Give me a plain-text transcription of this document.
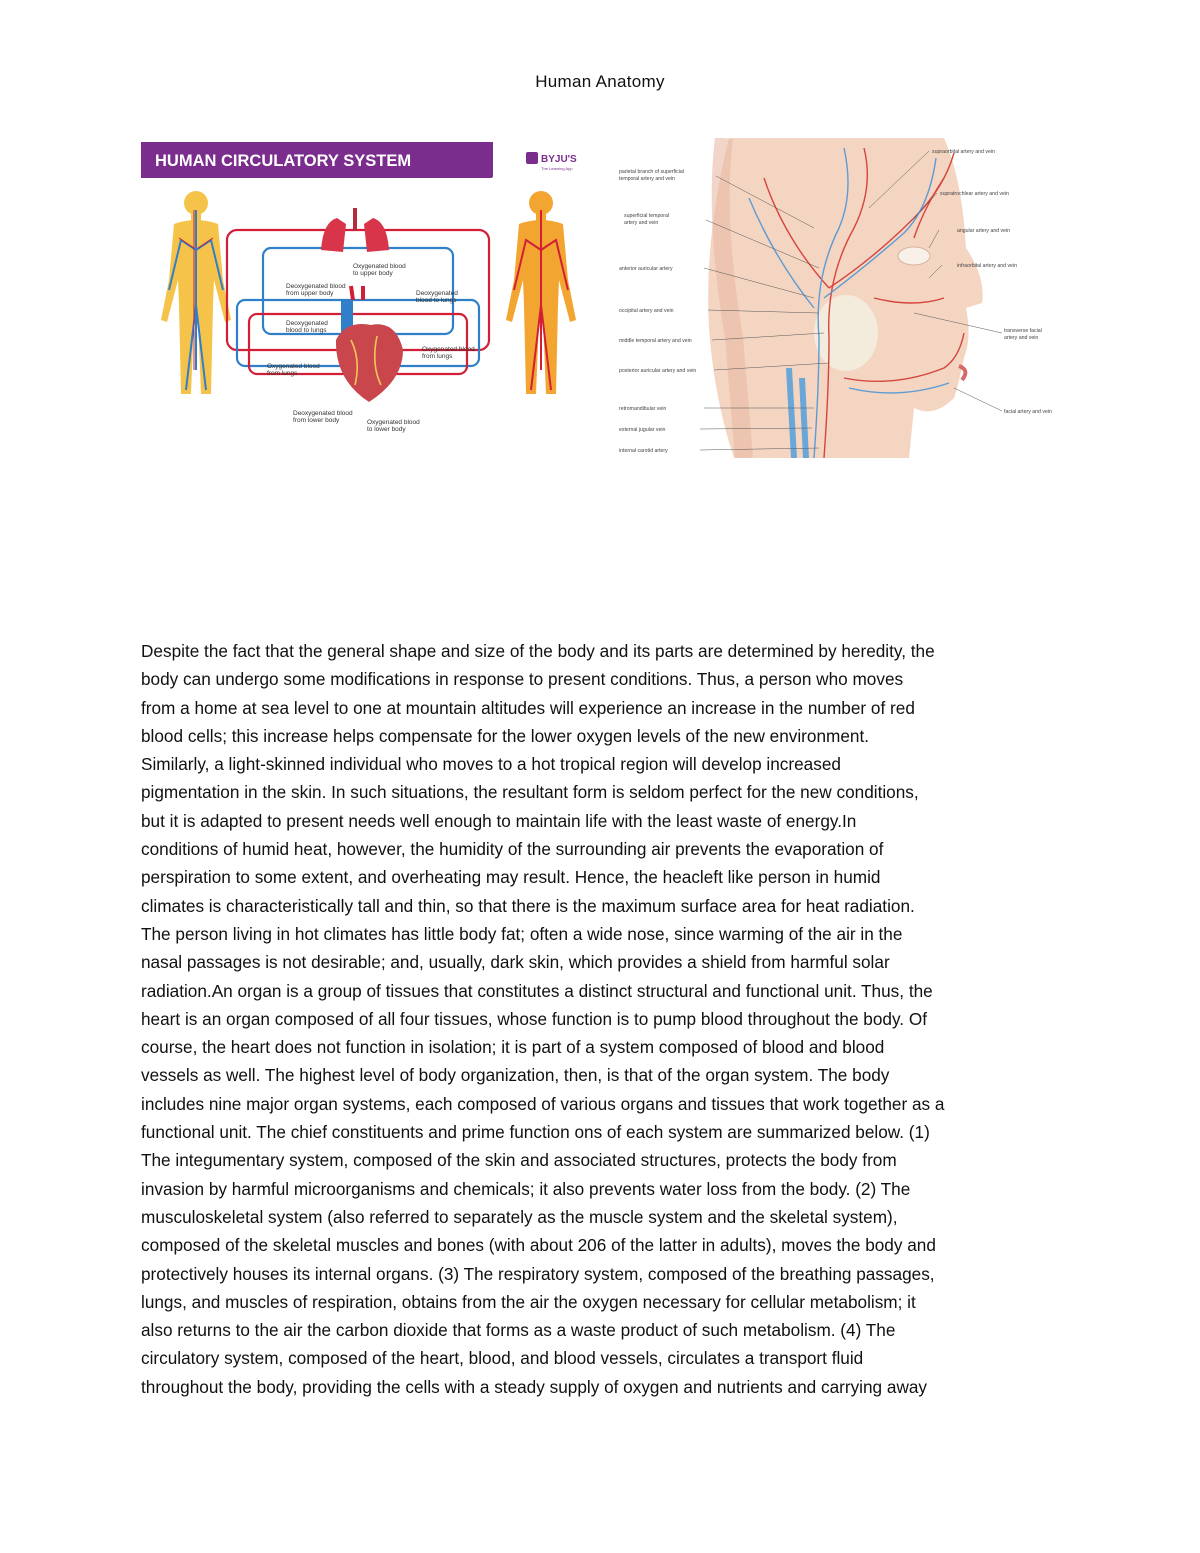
Human Anatomy
HUMAN CIRCULATORY SYSTEM	BYJU'S
The Learning App
Oxygenated blood
to upper body
Deoxygenated blood
from upper body	Deoxygenated
blood to lungs
Deoxygenated
blood to lungs
Oxygenated blood
from lungs
Oxygenated blood
from lungs
Deoxygenated blood
from lower body	Oxygenated blood
to lower body
parietal branch of superficial
temporal artery and vein
superficial temporal
artery and vein
anterior auricular artery
occipital artery and vein
middle temporal artery and vein
posterior auricular artery and vein
retromandibular vein
external jugular vein
internal carotid artery
supraorbital artery and vein
supratrochlear artery and vein
angular artery and vein
infraorbital artery and vein
transverse facial
artery and vein
facial artery and vein
Despite the fact that the general shape and size of the body and its parts are determined by heredity, the
body can undergo some modifications in response to present conditions. Thus, a person who moves
from a home at sea level to one at mountain altitudes will experience an increase in the number of red
blood cells; this increase helps compensate for the lower oxygen levels of the new environment.
Similarly, a light-skinned individual who moves to a hot tropical region will develop increased
pigmentation in the skin. In such situations, the resultant form is seldom perfect for the new conditions,
but it is adapted to present needs well enough to maintain life with the least waste of energy.In
conditions of humid heat, however, the humidity of the surrounding air prevents the evaporation of
perspiration to some extent, and overheating may result. Hence, the heacleft like person in humid
climates is characteristically tall and thin, so that there is the maximum surface area for heat radiation.
The person living in hot climates has little body fat; often a wide nose, since warming of the air in the
nasal passages is not desirable; and, usually, dark skin, which provides a shield from harmful solar
radiation.An organ is a group of tissues that constitutes a distinct structural and functional unit. Thus, the
heart is an organ composed of all four tissues, whose function is to pump blood throughout the body. Of
course, the heart does not function in isolation; it is part of a system composed of blood and blood
vessels as well. The highest level of body organization, then, is that of the organ system. The body
includes nine major organ systems, each composed of various organs and tissues that work together as a
functional unit. The chief constituents and prime function ons of each system are summarized below. (1)
The integumentary system, composed of the skin and associated structures, protects the body from
invasion by harmful microorganisms and chemicals; it also prevents water loss from the body. (2) The
musculoskeletal system (also referred to separately as the muscle system and the skeletal system),
composed of the skeletal muscles and bones (with about 206 of the latter in adults), moves the body and
protectively houses its internal organs. (3) The respiratory system, composed of the breathing passages,
lungs, and muscles of respiration, obtains from the air the oxygen necessary for cellular metabolism; it
also returns to the air the carbon dioxide that forms as a waste product of such metabolism. (4) The
circulatory system, composed of the heart, blood, and blood vessels, circulates a transport fluid
throughout the body, providing the cells with a steady supply of oxygen and nutrients and carrying away
